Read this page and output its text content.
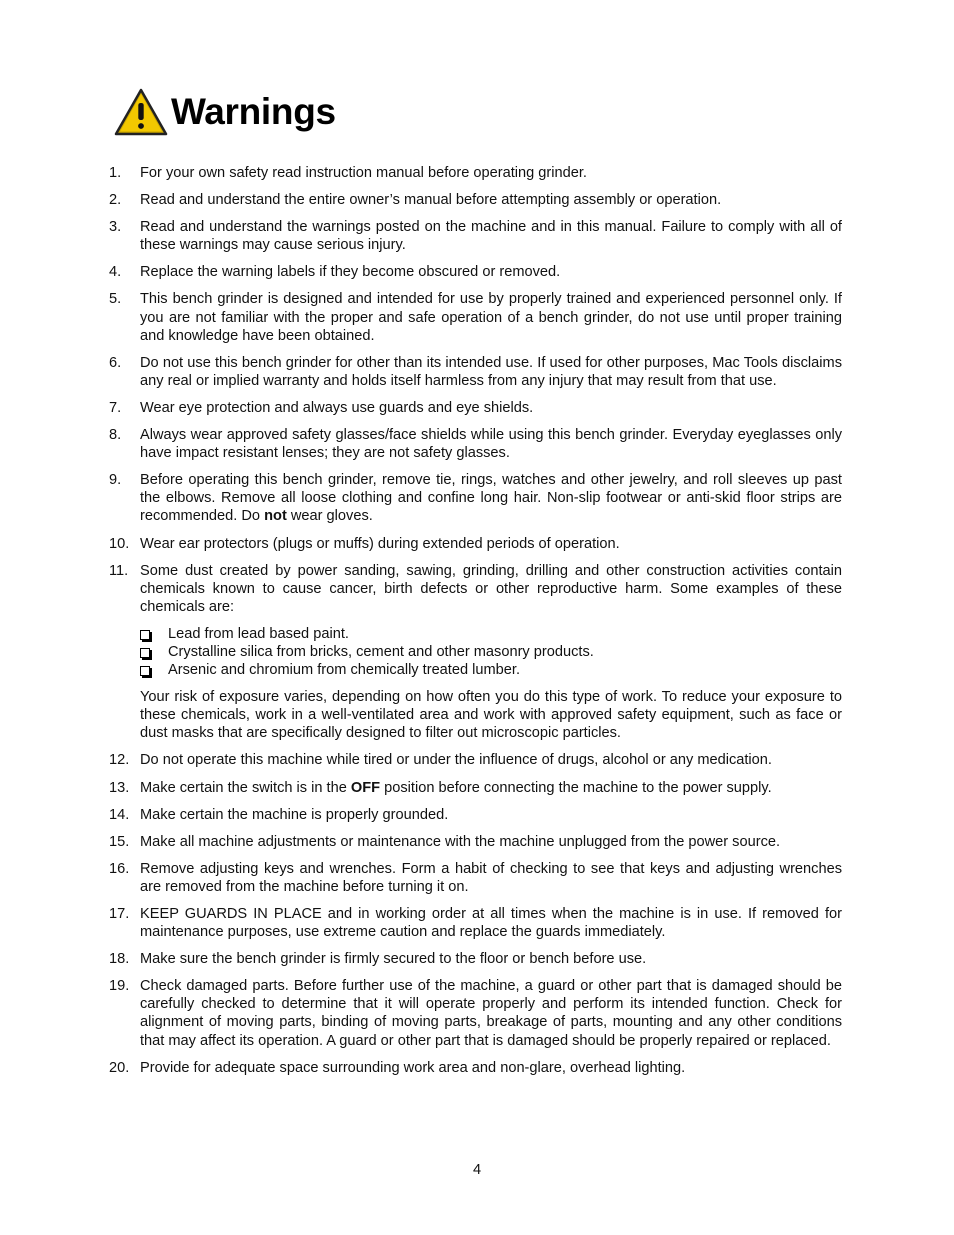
Warnings
1.	For your own safety read instruction manual before operating grinder.

2.	Read and understand the entire owner’s manual before attempting assembly or operation.

3.	Read and understand the warnings posted on the machine and in this manual. Failure to comply with all of these warnings may cause serious injury.

4.	Replace the warning labels if they become obscured or removed.

5.	This bench grinder is designed and intended for use by properly trained and experienced personnel only. If you are not familiar with the proper and safe operation of a bench grinder, do not use until proper training and knowledge have been obtained.

6.	Do not use this bench grinder for other than its intended use. If used for other purposes, Mac Tools disclaims any real or implied warranty and holds itself harmless from any injury that may result from that use.

7.	Wear eye protection and always use guards and eye shields.

8.	Always wear approved safety glasses/face shields while using this bench grinder. Everyday eyeglasses only have impact resistant lenses; they are not safety glasses.

9.	Before operating this bench grinder, remove tie, rings, watches and other jewelry, and roll sleeves up past the elbows. Remove all loose clothing and confine long hair. Non-slip footwear or anti-skid floor strips are recommended. Do not wear gloves.

10. Wear ear protectors (plugs or muffs) during extended periods of operation.

11. Some dust created by power sanding, sawing, grinding, drilling and other construction activities contain chemicals known to cause cancer, birth defects or other reproductive harm. Some examples of these chemicals are:

Lead from lead based paint.
Crystalline silica from bricks, cement and other masonry products.
Arsenic and chromium from chemically treated lumber.

Your risk of exposure varies, depending on how often you do this type of work. To reduce your exposure to these chemicals, work in a well-ventilated area and work with approved safety equipment, such as face or dust masks that are specifically designed to filter out microscopic particles.

12. Do not operate this machine while tired or under the influence of drugs, alcohol or any medication.

13. Make certain the switch is in the OFF position before connecting the machine to the power supply.

14. Make certain the machine is properly grounded.

15. Make all machine adjustments or maintenance with the machine unplugged from the power source.

16. Remove adjusting keys and wrenches. Form a habit of checking to see that keys and adjusting wrenches are removed from the machine before turning it on.

17. KEEP GUARDS IN PLACE and in working order at all times when the machine is in use. If removed for maintenance purposes, use extreme caution and replace the guards immediately.

18. Make sure the bench grinder is firmly secured to the floor or bench before use.

19. Check damaged parts. Before further use of the machine, a guard or other part that is damaged should be carefully checked to determine that it will operate properly and perform its intended function. Check for alignment of moving parts, binding of moving parts, breakage of parts, mounting and any other conditions that may affect its operation. A guard or other part that is damaged should be properly repaired or replaced.

20. Provide for adequate space surrounding work area and non-glare, overhead lighting.

4
